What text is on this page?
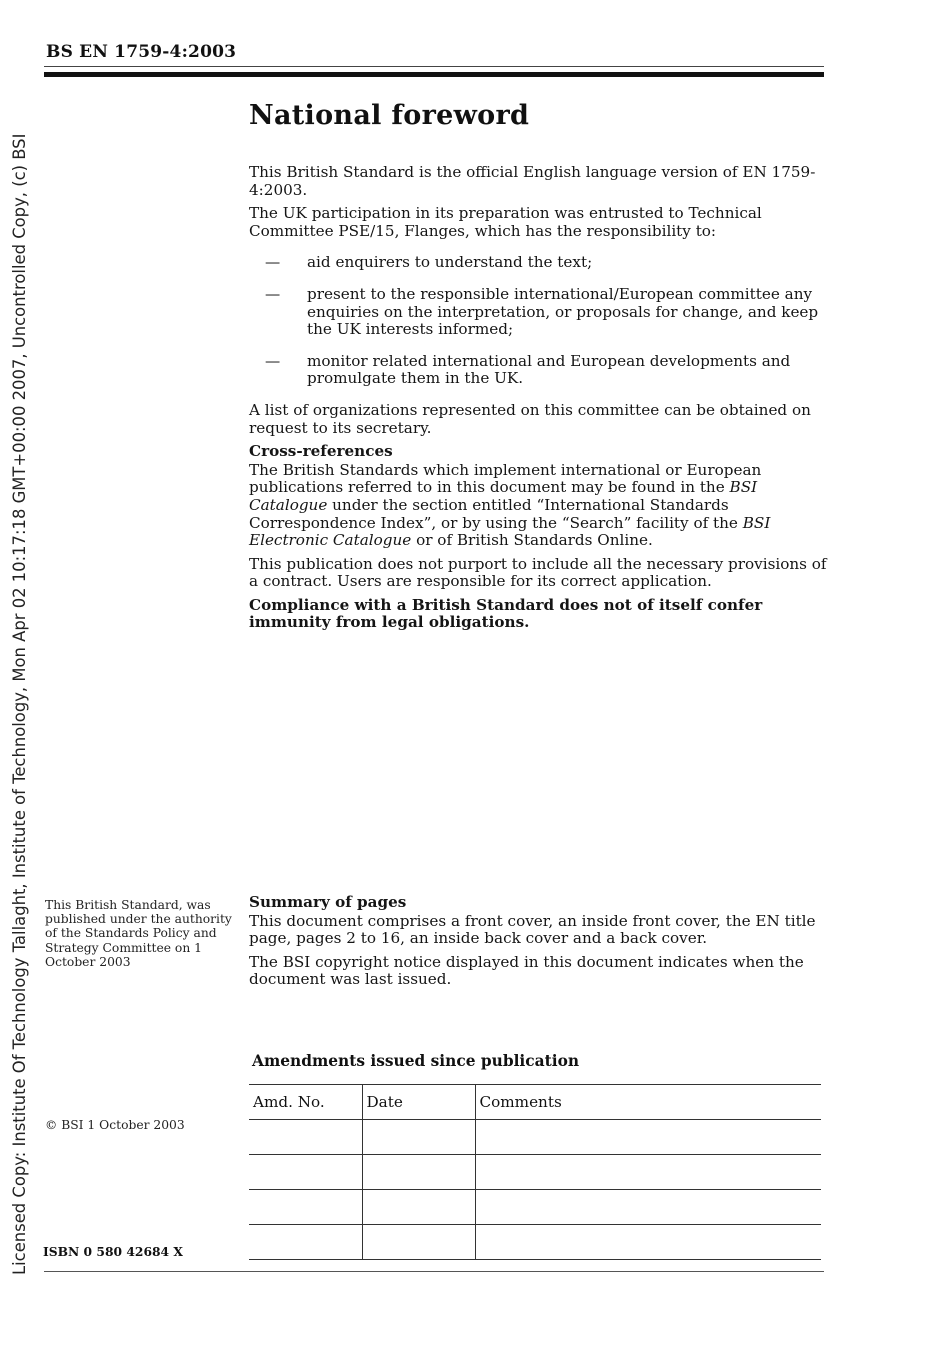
Licensed Copy: Institute Of Technology Tallaght, Institute of Technology, Mon Apr 02 10:17:18 GMT+00:00 2007, Uncontrolled Copy, (c) BSI
BS EN 1759-4:2003
National foreword

This British Standard is the official English language version of EN 1759-4:2003.

The UK participation in its preparation was entrusted to Technical Committee PSE/15, Flanges, which has the responsibility to:

— aid enquirers to understand the text;
— present to the responsible international/European committee any enquiries on the interpretation, or proposals for change, and keep the UK interests informed;
— monitor related international and European developments and promulgate them in the UK.

A list of organizations represented on this committee can be obtained on request to its secretary.

Cross-references

The British Standards which implement international or European publications referred to in this document may be found in the BSI Catalogue under the section entitled “International Standards Correspondence Index”, or by using the “Search” facility of the BSI Electronic Catalogue or of British Standards Online.

This publication does not purport to include all the necessary provisions of a contract. Users are responsible for its correct application.

Compliance with a British Standard does not of itself confer immunity from legal obligations.

This British Standard, was published under the authority of the Standards Policy and Strategy Committee on 1 October 2003
© BSI 1 October 2003
ISBN 0 580 42684 X

Summary of pages

This document comprises a front cover, an inside front cover, the EN title page, pages 2 to 16, an inside back cover and a back cover.

The BSI copyright notice displayed in this document indicates when the document was last issued.

Amendments issued since publication
Amd. No.	Date	Comments
